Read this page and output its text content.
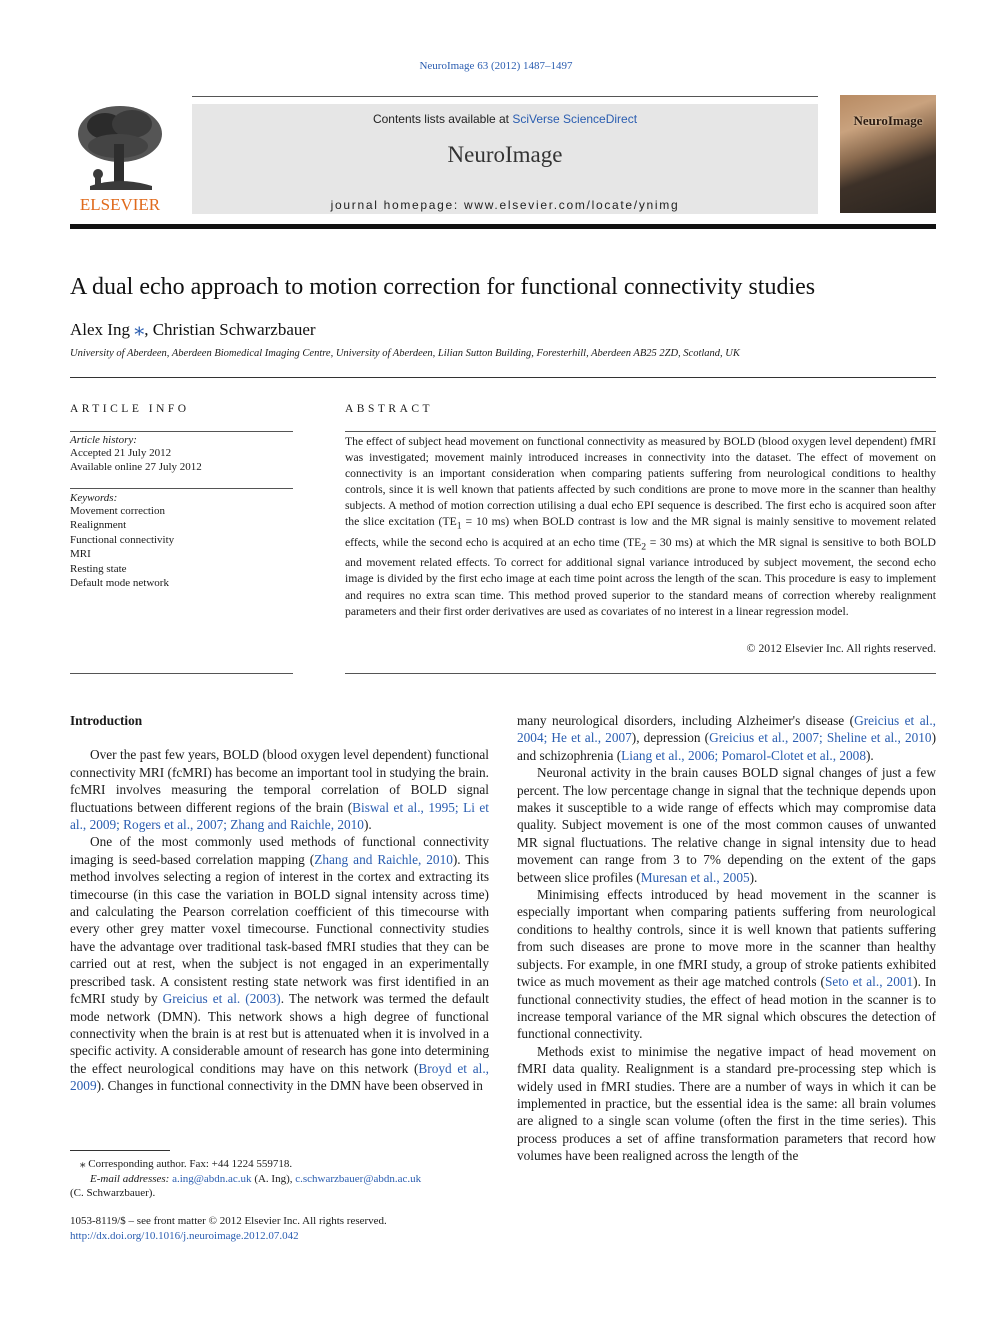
NeuroImage 63 (2012) 1487–1497
ELSEVIER
Contents lists available at SciVerse ScienceDirect
NeuroImage
journal homepage: www.elsevier.com/locate/ynimg
NeuroImage
A dual echo approach to motion correction for functional connectivity studies
Alex Ing ⁎, Christian Schwarzbauer
University of Aberdeen, Aberdeen Biomedical Imaging Centre, University of Aberdeen, Lilian Sutton Building, Foresterhill, Aberdeen AB25 2ZD, Scotland, UK
ARTICLE INFO
Article history:
Accepted 21 July 2012
Available online 27 July 2012
Keywords:
Movement correction
Realignment
Functional connectivity
MRI
Resting state
Default mode network
ABSTRACT
The effect of subject head movement on functional connectivity as measured by BOLD (blood oxygen level dependent) fMRI was investigated; movement mainly introduced increases in connectivity into the dataset. The effect of movement on connectivity is an important consideration when comparing patients suffering from neurological conditions to healthy controls, since it is well known that patients affected by such conditions are prone to move more in the scanner than healthy subjects. A method of motion correction utilising a dual echo EPI sequence is described. The first echo is acquired soon after the slice excitation ($TE_1 = 10$ ms) when BOLD contrast is low and the MR signal is mainly sensitive to movement related effects, while the second echo is acquired at an echo time ($TE_2 = 30$ ms) at which the MR signal is sensitive to both BOLD and movement related effects. To correct for additional signal variance introduced by subject movement, the second echo image is divided by the first echo image at each time point across the length of the scan. This procedure is easy to implement and requires no extra scan time. This method proved superior to the standard means of correction whereby realignment parameters and their first order derivatives are used as covariates of no interest in a linear regression model.
© 2012 Elsevier Inc. All rights reserved.
Introduction

Over the past few years, BOLD (blood oxygen level dependent) functional connectivity MRI (fcMRI) has become an important tool in studying the brain. fcMRI involves measuring the temporal correlation of BOLD signal fluctuations between different regions of the brain (Biswal et al., 1995; Li et al., 2009; Rogers et al., 2007; Zhang and Raichle, 2010).

One of the most commonly used methods of functional connectivity imaging is seed-based correlation mapping (Zhang and Raichle, 2010). This method involves selecting a region of interest in the cortex and extracting its timecourse (in this case the variation in BOLD signal intensity across time) and calculating the Pearson correlation coefficient of this timecourse with every other grey matter voxel timecourse. Functional connectivity studies have the advantage over traditional task-based fMRI studies that they can be carried out at rest, when the subject is not engaged in an experimentally prescribed task. A consistent resting state network was first identified in an fcMRI study by Greicius et al. (2003). The network was termed the default mode network (DMN). This network shows a high degree of functional connectivity when the brain is at rest but is attenuated when it is involved in a specific activity. A considerable amount of research has gone into determining the effect neurological conditions may have on this network (Broyd et al., 2009). Changes in functional connectivity in the DMN have been observed in

many neurological disorders, including Alzheimer's disease (Greicius et al., 2004; He et al., 2007), depression (Greicius et al., 2007; Sheline et al., 2010) and schizophrenia (Liang et al., 2006; Pomarol-Clotet et al., 2008).

Neuronal activity in the brain causes BOLD signal changes of just a few percent. The low percentage change in signal that the technique depends upon makes it susceptible to a wide range of effects which may compromise data quality. Subject movement is one of the most common causes of unwanted MR signal fluctuations. The relative change in signal intensity due to head movement can range from 3 to 7% depending on the extent of the gaps between slice profiles (Muresan et al., 2005).

Minimising effects introduced by head movement in the scanner is especially important when comparing patients suffering from neurological conditions to healthy controls, since it is well known that patients suffering from such diseases are prone to move more in the scanner than healthy subjects. For example, in one fMRI study, a group of stroke patients exhibited twice as much movement as their age matched controls (Seto et al., 2001). In functional connectivity studies, the effect of head motion in the scanner is to increase temporal variance of the MR signal which obscures the detection of functional connectivity.

Methods exist to minimise the negative impact of head movement on fMRI data quality. Realignment is a standard pre-processing step which is widely used in fMRI studies. There are a number of ways in which it can be implemented in practice, but the essential idea is the same: all brain volumes are aligned to a single scan volume (often the first in the time series). This process produces a set of affine transformation parameters that record how volumes have been realigned across the length of the

⁎ Corresponding author. Fax: +44 1224 559718.
E-mail addresses: a.ing@abdn.ac.uk (A. Ing), c.schwarzbauer@abdn.ac.uk
(C. Schwarzbauer).
1053-8119/$ – see front matter © 2012 Elsevier Inc. All rights reserved.
http://dx.doi.org/10.1016/j.neuroimage.2012.07.042
